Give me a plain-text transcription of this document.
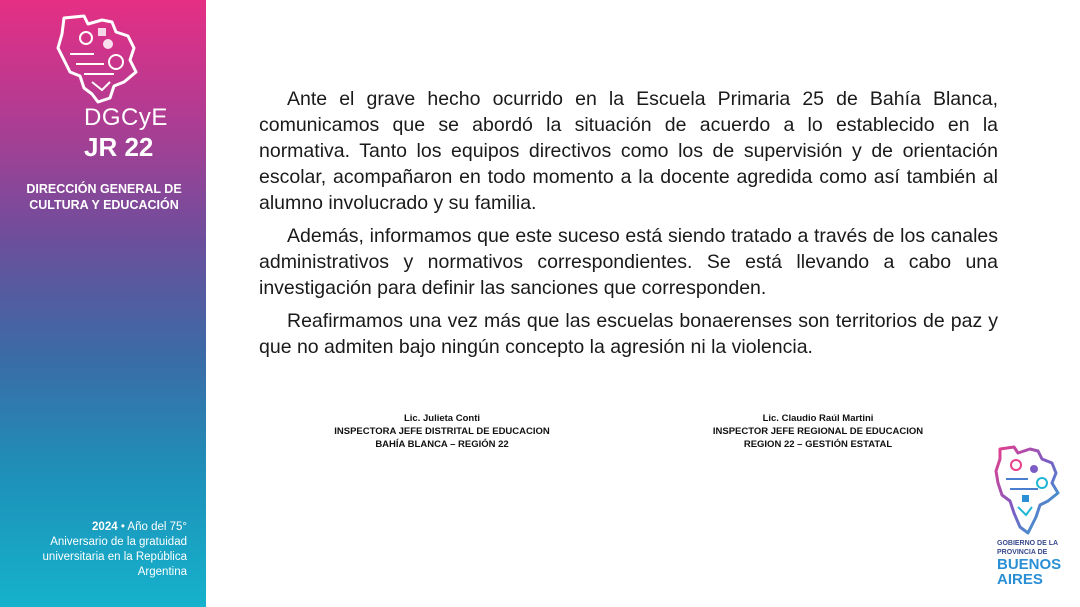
DGCyE
JR 22
DIRECCIÓN GENERAL DE
CULTURA Y EDUCACIÓN
2024 • Año del 75°
Aniversario de la gratuidad
universitaria en la República
Argentina

Ante el grave hecho ocurrido en la Escuela Primaria 25 de Bahía Blanca, comunicamos que se abordó la situación de acuerdo a lo establecido en la normativa. Tanto los equipos directivos como los de supervisión y de orientación escolar, acompañaron en todo momento a la docente agredida como así también al alumno involucrado y su familia.

Además, informamos que este suceso está siendo tratado a través de los canales administrativos y normativos correspondientes. Se está llevando a cabo una investigación para definir las sanciones que corresponden.

Reafirmamos una vez más que las escuelas bonaerenses son territorios de paz y que no admiten bajo ningún concepto la agresión ni la violencia.

Lic. Julieta Conti
INSPECTORA JEFE DISTRITAL DE EDUCACION
BAHÍA BLANCA – REGIÓN 22
Lic. Claudio Raúl Martini
INSPECTOR JEFE REGIONAL DE EDUCACION
REGION 22 – GESTIÓN ESTATAL
GOBIERNO DE LA
PROVINCIA DE
BUENOS
AIRES
